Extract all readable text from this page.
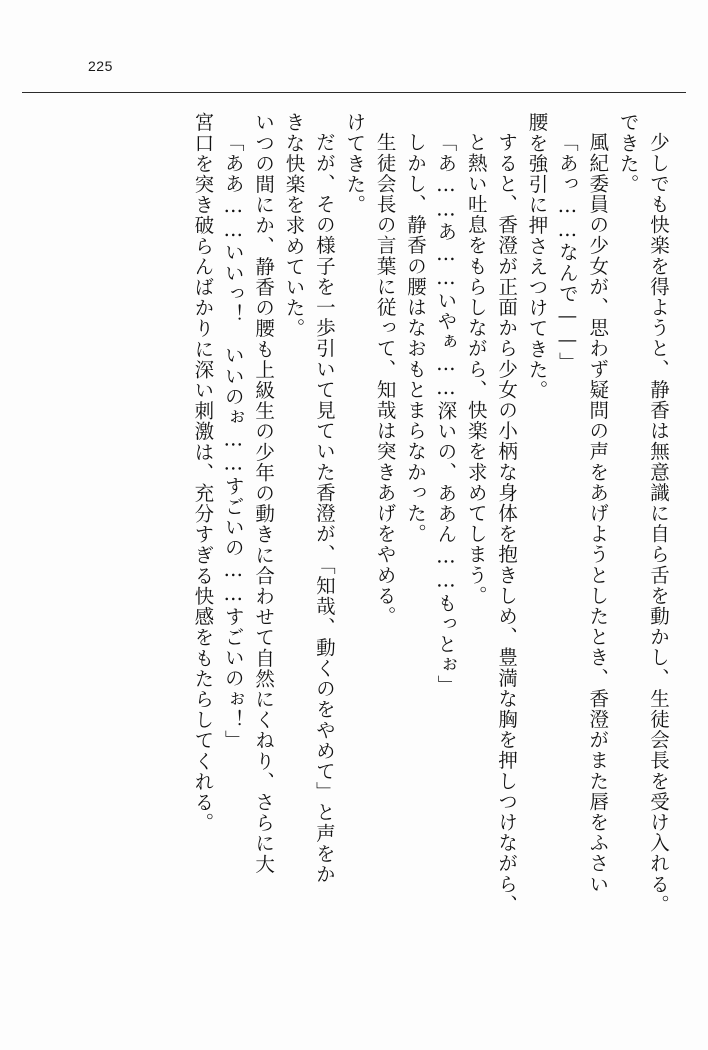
225
宮口を突き破らんばかりに深い刺激は、充分すぎる快感をもたらしてくれる。 「ああ……いいっ！　いいのぉ……すごいの……すごいのぉ！」 いつの間にか、静香の腰も上級生の少年の動きに合わせて自然にくねり、さらに大 きな快楽を求めていた。 だが、その様子を一歩引いて見ていた香澄が、「知哉、動くのをやめて」と声をか けてきた。 生徒会長の言葉に従って、知哉は突きあげをやめる。 しかし、静香の腰はなおもとまらなかった。 「あ……あ……いやぁ……深いの、ああん……もっとぉ」 と熱い吐息をもらしながら、快楽を求めてしまう。 すると、香澄が正面から少女の小柄な身体を抱きしめ、豊満な胸を押しつけながら、 腰を強引に押さえつけてきた。 「あっ……なんで——」 風紀委員の少女が、思わず疑問の声をあげようとしたとき、香澄がまた唇をふさい できた。 少しでも快楽を得ようと、静香は無意識に自ら舌を動かし、生徒会長を受け入れる。
